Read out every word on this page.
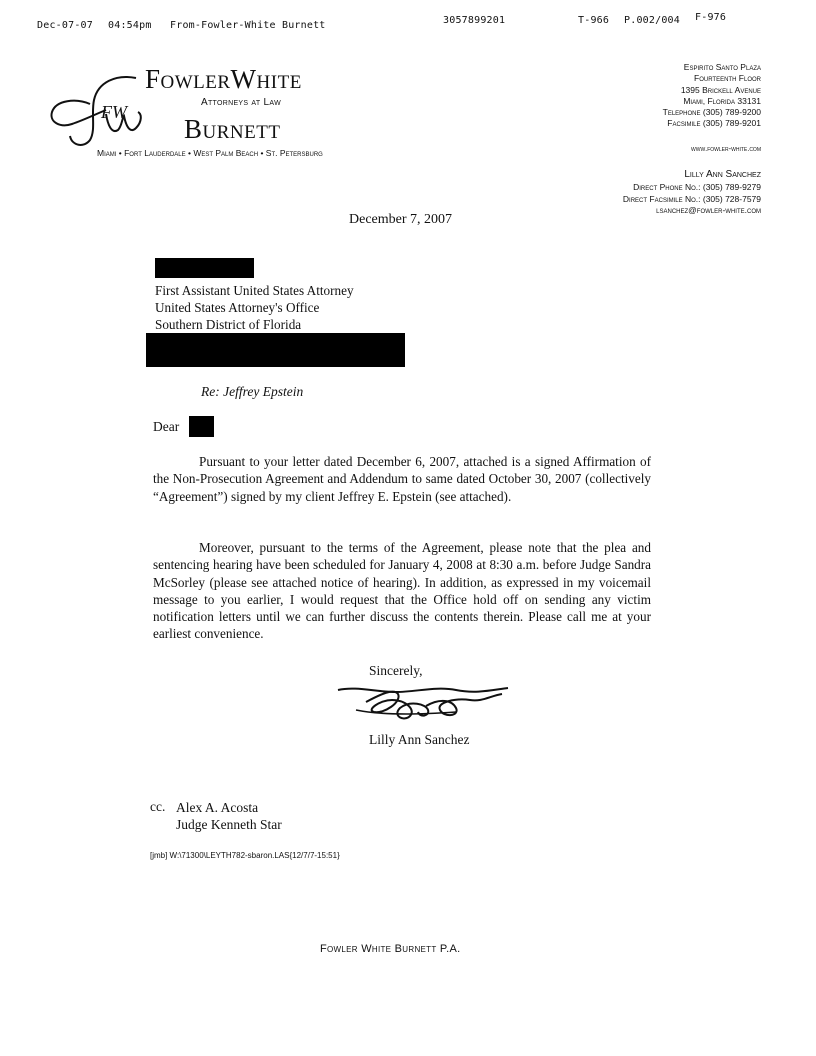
Dec-07-07 04:54pm From-Fowler-White Burnett	3057899201	T-966 P.002/004 F-976
FW
FowlerWhite
Attorneys at Law
Burnett
Miami • Fort Lauderdale • West Palm Beach • St. Petersburg
Espirito Santo Plaza
Fourteenth Floor
1395 Brickell Avenue
Miami, Florida 33131
Telephone (305) 789-9200
Facsimile (305) 789-9201
www.fowler-white.com
Lilly Ann Sanchez
Direct Phone No.: (305) 789-9279
Direct Facsimile No.: (305) 728-7579
lsanchez@fowler-white.com
December 7, 2007
First Assistant United States Attorney
United States Attorney's Office
Southern District of Florida
Re: Jeffrey Epstein
Dear

Pursuant to your letter dated December 6, 2007, attached is a signed Affirmation of the Non-Prosecution Agreement and Addendum to same dated October 30, 2007 (collectively “Agreement”) signed by my client Jeffrey E. Epstein (see attached).

Moreover, pursuant to the terms of the Agreement, please note that the plea and sentencing hearing have been scheduled for January 4, 2008 at 8:30 a.m. before Judge Sandra McSorley (please see attached notice of hearing). In addition, as expressed in my voicemail message to you earlier, I would request that the Office hold off on sending any victim notification letters until we can further discuss the contents therein. Please call me at your earliest convenience.

Sincerely,
Lilly Ann Sanchez
cc. Alex A. Acosta
Judge Kenneth Star
[jmb] W:\71300\LEYTH782-sbaron.LAS{12/7/7-15:51}
Fowler White Burnett P.A.
